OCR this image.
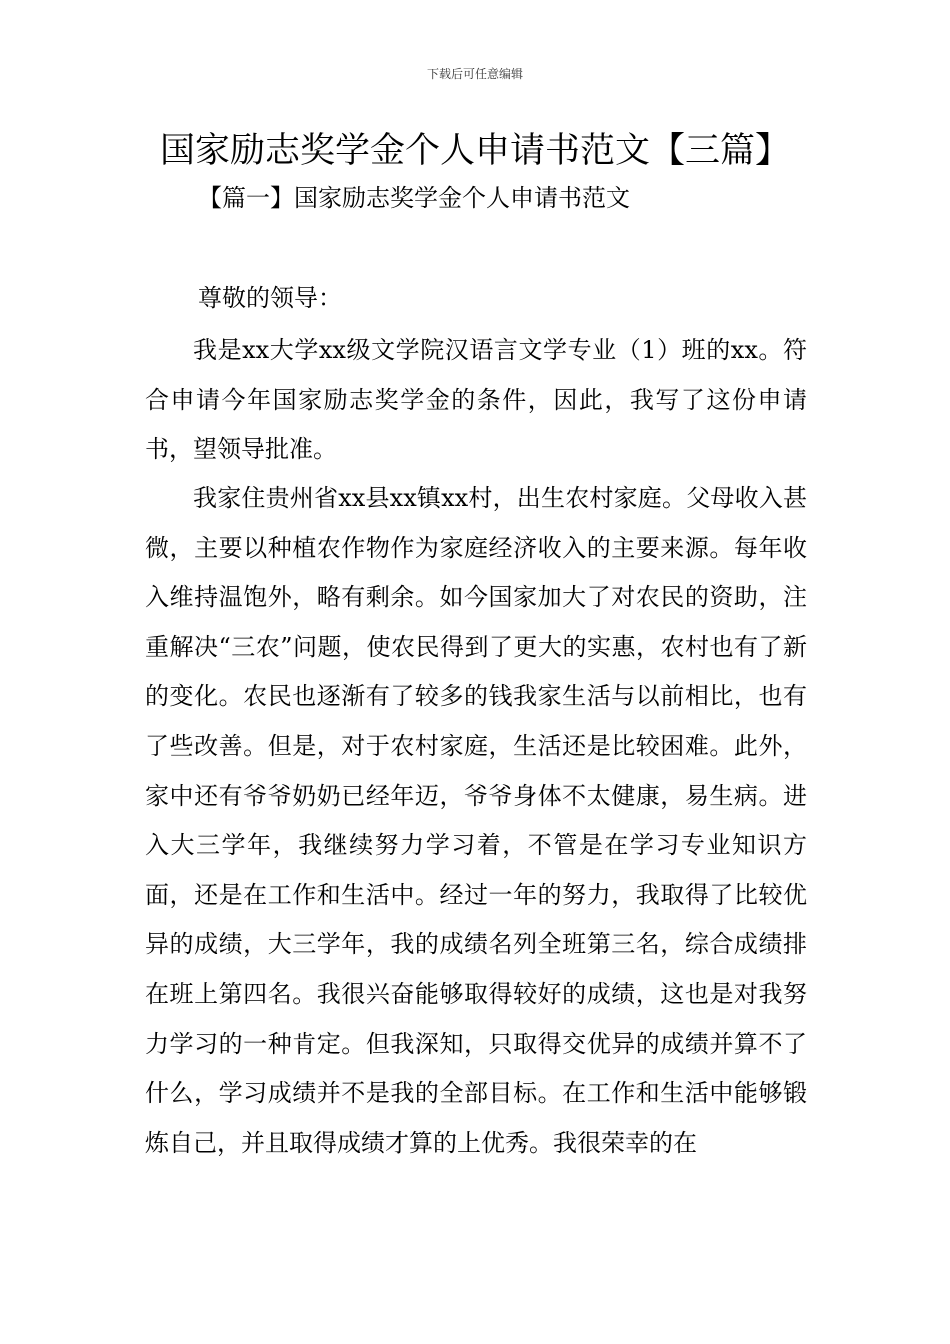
下载后可任意编辑
国家励志奖学金个人申请书范文【三篇】
【篇一】国家励志奖学金个人申请书范文
尊敬的领导：

我是xx大学xx级文学院汉语言文学专业（1）班的xx。符合申请今年国家励志奖学金的条件，因此，我写了这份申请书，望领导批准。

我家住贵州省xx县xx镇xx村，出生农村家庭。父母收入甚微，主要以种植农作物作为家庭经济收入的主要来源。每年收入维持温饱外，略有剩余。如今国家加大了对农民的资助，注重解决“三农”问题，使农民得到了更大的实惠，农村也有了新的变化。农民也逐渐有了较多的钱我家生活与以前相比，也有了些改善。但是，对于农村家庭，生活还是比较困难。此外，家中还有爷爷奶奶已经年迈，爷爷身体不太健康，易生病。进入大三学年，我继续努力学习着，不管是在学习专业知识方面，还是在工作和生活中。经过一年的努力，我取得了比较优异的成绩，大三学年，我的成绩名列全班第三名，综合成绩排在班上第四名。我很兴奋能够取得较好的成绩，这也是对我努力学习的一种肯定。但我深知，只取得交优异的成绩并算不了什么，学习成绩并不是我的全部目标。在工作和生活中能够锻炼自己，并且取得成绩才算的上优秀。我很荣幸的在
